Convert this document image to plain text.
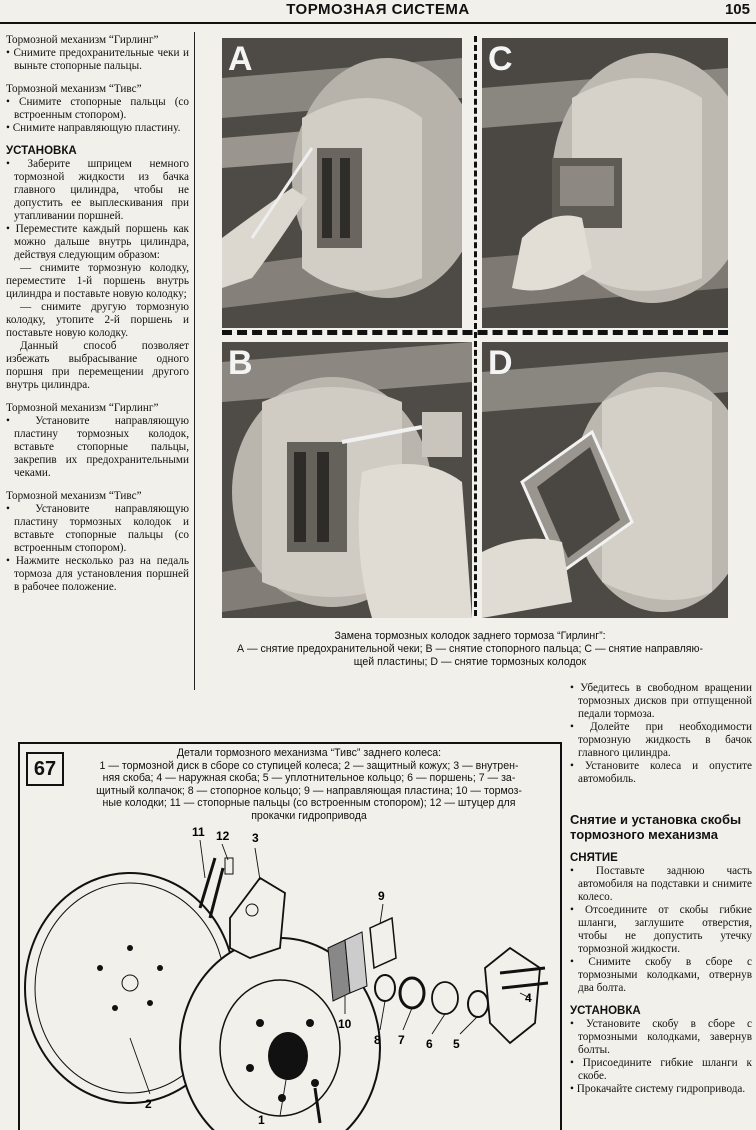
ТОРМОЗНАЯ СИСТЕМА	105

Тормозной механизм “Гирлинг”

• Снимите предохранительные чеки и выньте стопорные пальцы.

Тормозной механизм “Тивс”

• Снимите стопорные пальцы (со встроенным стопором).

• Снимите направляющую пластину.

УСТАНОВКА

• Заберите шприцем немного тормозной жидкости из бачка главного цилиндра, чтобы не допустить ее выплескивания при утапливании поршней.

• Переместите каждый поршень как можно дальше внутрь цилиндра, действуя следующим образом:

— снимите тормозную колодку, переместите 1-й поршень внутрь цилиндра и поставьте новую колодку;

— снимите другую тормозную колодку, утопите 2-й поршень и поставьте новую колодку.

Данный способ позволяет избежать выбрасывание одного поршня при перемещении другого внутрь цилиндра.

Тормозной механизм “Гирлинг”

• Установите направляющую пластину тормозных колодок, вставьте стопорные пальцы, закрепив их предохранительными чеками.

Тормозной механизм “Тивс”

• Установите направляющую пластину тормозных колодок и вставьте стопорные пальцы (со встроенным стопором).

• Нажмите несколько раз на педаль тормоза для установления поршней в рабочее положение.

A	C
B	D
Замена тормозных колодок заднего тормоза “Гирлинг”:
А — снятие предохранительной чеки; В — снятие стопорного пальца; С — снятие направляю-
щей пластины; D — снятие тормозных колодок

• Убедитесь в свободном вращении тормозных дисков при отпущенной педали тормоза.

• Долейте при необходимости тормозную жидкость в бачок главного цилиндра.

• Установите колеса и опустите автомобиль.

Снятие и установка скобы тормозного механизма

СНЯТИЕ

• Поставьте заднюю часть автомобиля на подставки и снимите колесо.

• Отсоедините от скобы гибкие шланги, заглушите отверстия, чтобы не допустить утечку тормозной жидкости.

• Снимите скобу в сборе с тормозными колодками, отвернув два болта.

УСТАНОВКА

• Установите скобу в сборе с тормозными колодками, завернув болты.

• Присоедините гибкие шланги к скобе.

• Прокачайте систему гидропривода.

67
Детали тормозного механизма “Тивс” заднего колеса:
1 — тормозной диск в сборе со ступицей колеса; 2 — защитный кожух; 3 — внутрен-
няя скоба; 4 — наружная скоба; 5 — уплотнительное кольцо; 6 — поршень; 7 — за-
щитный колпачок; 8 — стопорное кольцо; 9 — направляющая пластина; 10 — тормоз-
ные колодки; 11 — стопорные пальцы (со встроенным стопором); 12 — штуцер для
прокачки гидропривода
1
2
3
4
5
6
7
8
9
10
11 12
